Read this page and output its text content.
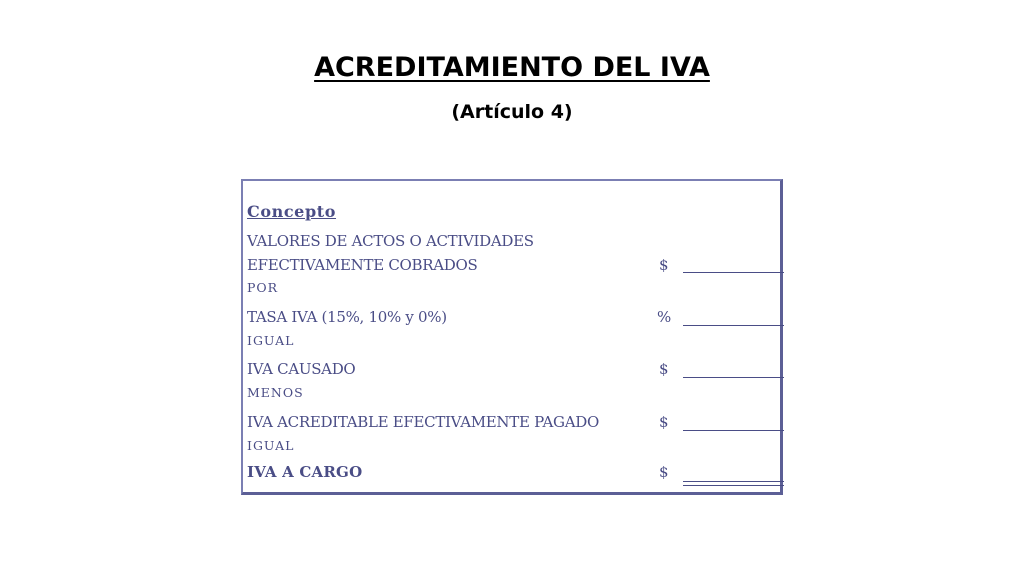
ACREDITAMIENTO DEL IVA
(Artículo 4)
Concepto
VALORES DE ACTOS O ACTIVIDADES
EFECTIVAMENTE COBRADOS	$
POR
TASA IVA (15%, 10% y 0%)	%
IGUAL
IVA CAUSADO	$
MENOS
IVA ACREDITABLE EFECTIVAMENTE PAGADO	$
IGUAL
IVA A CARGO	$
